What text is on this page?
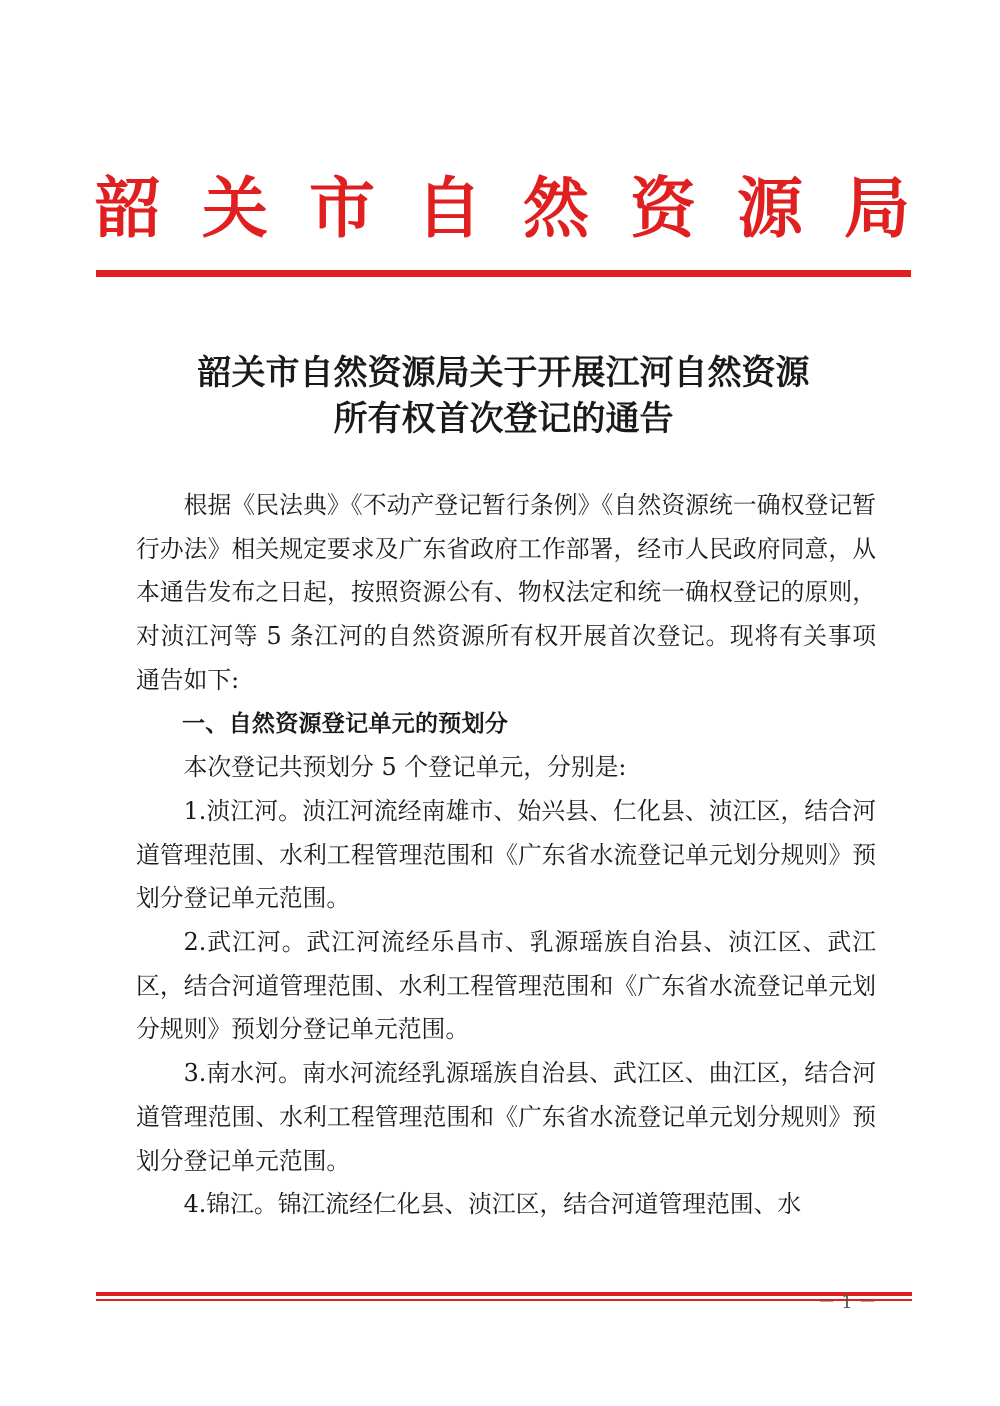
韶 关 市 自 然 资 源 局
韶关市自然资源局关于开展江河自然资源
所有权首次登记的通告

根据《民法典》《不动产登记暂行条例》《自然资源统一确权登记暂行办法》相关规定要求及广东省政府工作部署，经市人民政府同意，从本通告发布之日起，按照资源公有、物权法定和统一确权登记的原则，对浈江河等 5 条江河的自然资源所有权开展首次登记。现将有关事项通告如下:

一、自然资源登记单元的预划分

本次登记共预划分 5 个登记单元，分别是:

1.浈江河。浈江河流经南雄市、始兴县、仁化县、浈江区，结合河道管理范围、水利工程管理范围和《广东省水流登记单元划分规则》预划分登记单元范围。

2.武江河。武江河流经乐昌市、乳源瑶族自治县、浈江区、武江区，结合河道管理范围、水利工程管理范围和《广东省水流登记单元划分规则》预划分登记单元范围。

3.南水河。南水河流经乳源瑶族自治县、武江区、曲江区，结合河道管理范围、水利工程管理范围和《广东省水流登记单元划分规则》预划分登记单元范围。

4.锦江。锦江流经仁化县、浈江区，结合河道管理范围、水

－ 1 －
